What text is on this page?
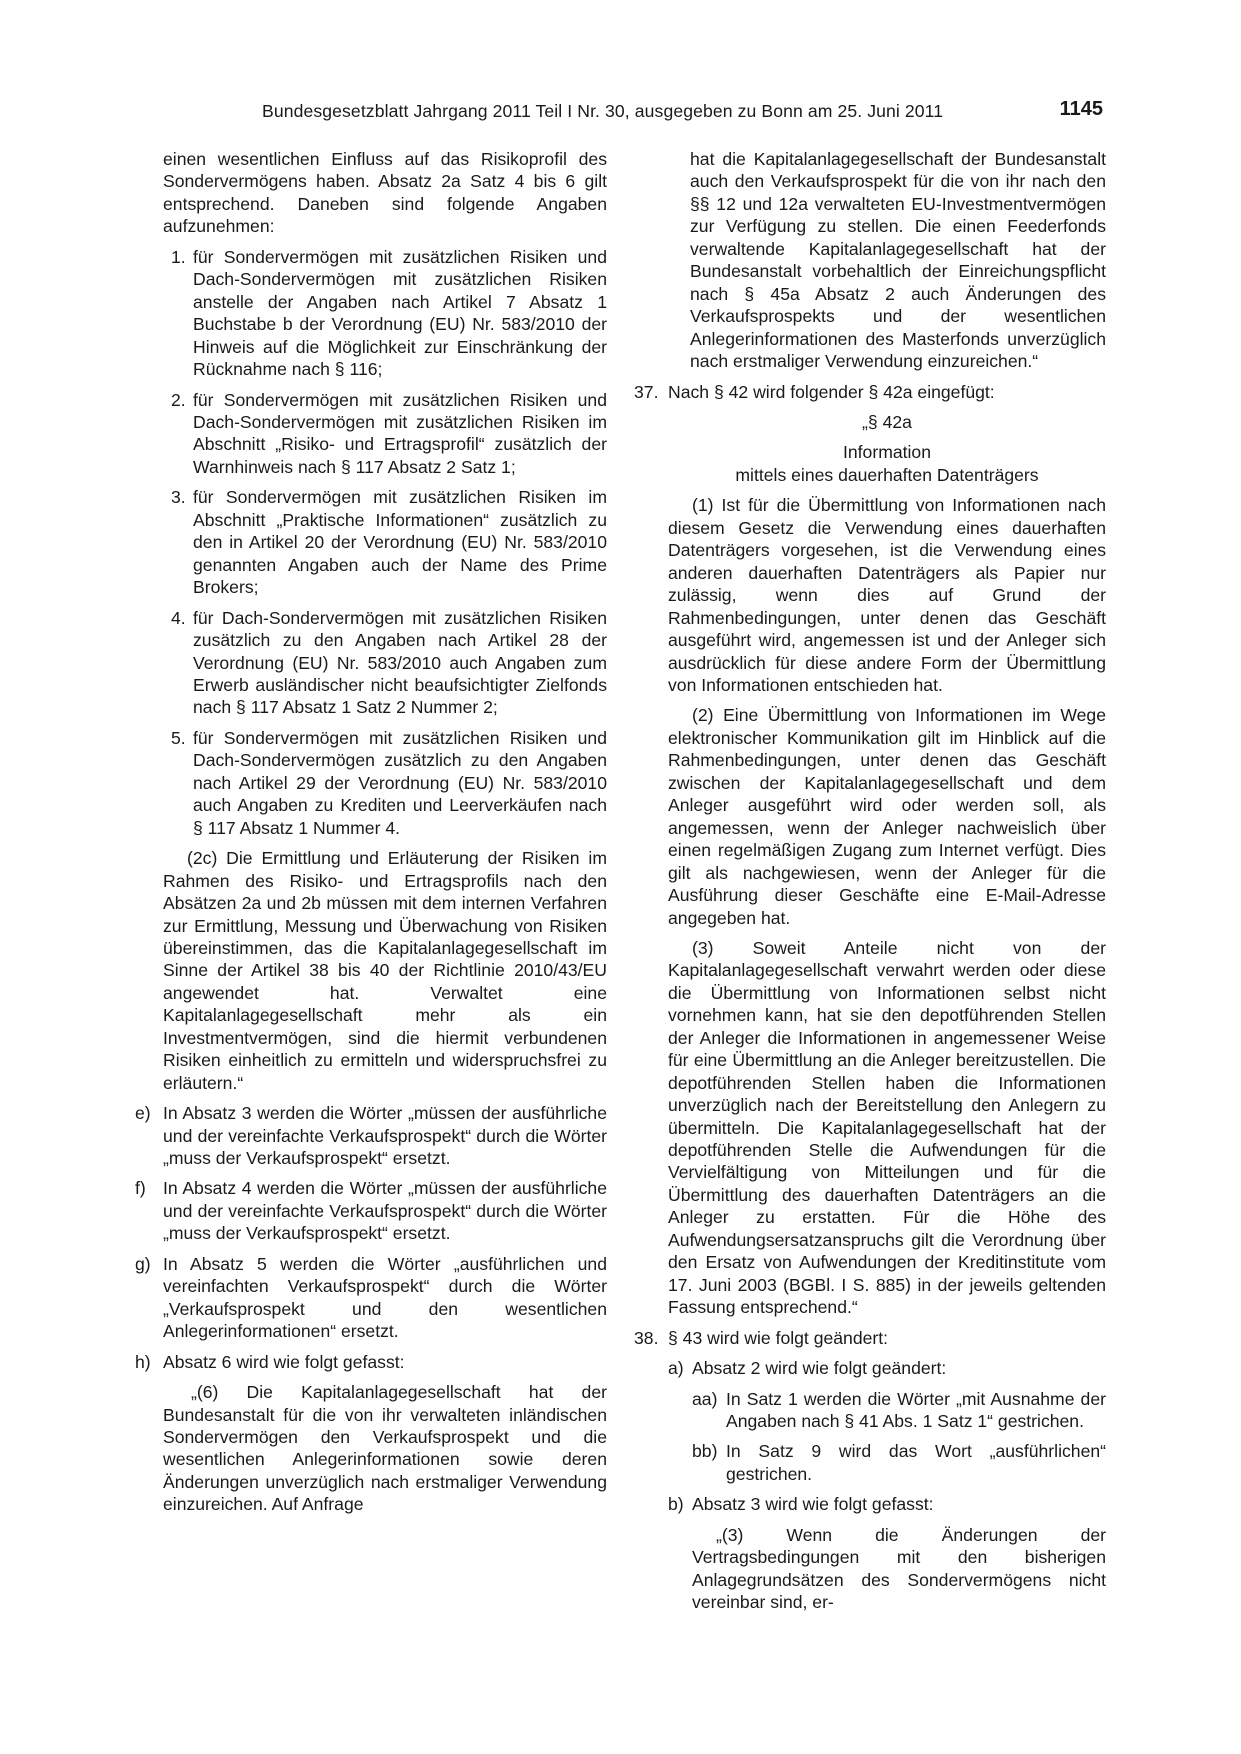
Bundesgesetzblatt Jahrgang 2011 Teil I Nr. 30, ausgegeben zu Bonn am 25. Juni 2011	1145

einen wesentlichen Einfluss auf das Risikoprofil des Sondervermögens haben. Absatz 2a Satz 4 bis 6 gilt entsprechend. Daneben sind folgende Angaben aufzunehmen:

1. für Sondervermögen mit zusätzlichen Risiken und Dach-Sondervermögen mit zusätzlichen Risiken anstelle der Angaben nach Artikel 7 Absatz 1 Buchstabe b der Verordnung (EU) Nr. 583/2010 der Hinweis auf die Möglichkeit zur Einschränkung der Rücknahme nach § 116;
2. für Sondervermögen mit zusätzlichen Risiken und Dach-Sondervermögen mit zusätzlichen Risiken im Abschnitt „Risiko- und Ertragsprofil“ zusätzlich der Warnhinweis nach § 117 Absatz 2 Satz 1;
3. für Sondervermögen mit zusätzlichen Risiken im Abschnitt „Praktische Informationen“ zusätzlich zu den in Artikel 20 der Verordnung (EU) Nr. 583/2010 genannten Angaben auch der Name des Prime Brokers;
4. für Dach-Sondervermögen mit zusätzlichen Risiken zusätzlich zu den Angaben nach Artikel 28 der Verordnung (EU) Nr. 583/2010 auch Angaben zum Erwerb ausländischer nicht beaufsichtigter Zielfonds nach § 117 Absatz 1 Satz 2 Nummer 2;
5. für Sondervermögen mit zusätzlichen Risiken und Dach-Sondervermögen zusätzlich zu den Angaben nach Artikel 29 der Verordnung (EU) Nr. 583/2010 auch Angaben zu Krediten und Leerverkäufen nach § 117 Absatz 1 Nummer 4.

(2c) Die Ermittlung und Erläuterung der Risiken im Rahmen des Risiko- und Ertragsprofils nach den Absätzen 2a und 2b müssen mit dem internen Verfahren zur Ermittlung, Messung und Überwachung von Risiken übereinstimmen, das die Kapitalanlagegesellschaft im Sinne der Artikel 38 bis 40 der Richtlinie 2010/43/EU angewendet hat. Verwaltet eine Kapitalanlagegesellschaft mehr als ein Investmentvermögen, sind die hiermit verbundenen Risiken einheitlich zu ermitteln und widerspruchsfrei zu erläutern.“

e) In Absatz 3 werden die Wörter „müssen der ausführliche und der vereinfachte Verkaufsprospekt“ durch die Wörter „muss der Verkaufsprospekt“ ersetzt.
f) In Absatz 4 werden die Wörter „müssen der ausführliche und der vereinfachte Verkaufsprospekt“ durch die Wörter „muss der Verkaufsprospekt“ ersetzt.
g) In Absatz 5 werden die Wörter „ausführlichen und vereinfachten Verkaufsprospekt“ durch die Wörter „Verkaufsprospekt und den wesentlichen Anlegerinformationen“ ersetzt.
h) Absatz 6 wird wie folgt gefasst:

„(6) Die Kapitalanlagegesellschaft hat der Bundesanstalt für die von ihr verwalteten inländischen Sondervermögen den Verkaufsprospekt und die wesentlichen Anlegerinformationen sowie deren Änderungen unverzüglich nach erstmaliger Verwendung einzureichen. Auf Anfrage

hat die Kapitalanlagegesellschaft der Bundesanstalt auch den Verkaufsprospekt für die von ihr nach den §§ 12 und 12a verwalteten EU-Investmentvermögen zur Verfügung zu stellen. Die einen Feederfonds verwaltende Kapitalanlagegesellschaft hat der Bundesanstalt vorbehaltlich der Einreichungspflicht nach § 45a Absatz 2 auch Änderungen des Verkaufsprospekts und der wesentlichen Anlegerinformationen des Masterfonds unverzüglich nach erstmaliger Verwendung einzureichen.“

37. Nach § 42 wird folgender § 42a eingefügt:

„§ 42a

Information

mittels eines dauerhaften Datenträgers

(1) Ist für die Übermittlung von Informationen nach diesem Gesetz die Verwendung eines dauerhaften Datenträgers vorgesehen, ist die Verwendung eines anderen dauerhaften Datenträgers als Papier nur zulässig, wenn dies auf Grund der Rahmenbedingungen, unter denen das Geschäft ausgeführt wird, angemessen ist und der Anleger sich ausdrücklich für diese andere Form der Übermittlung von Informationen entschieden hat.

(2) Eine Übermittlung von Informationen im Wege elektronischer Kommunikation gilt im Hinblick auf die Rahmenbedingungen, unter denen das Geschäft zwischen der Kapitalanlagegesellschaft und dem Anleger ausgeführt wird oder werden soll, als angemessen, wenn der Anleger nachweislich über einen regelmäßigen Zugang zum Internet verfügt. Dies gilt als nachgewiesen, wenn der Anleger für die Ausführung dieser Geschäfte eine E-Mail-Adresse angegeben hat.

(3) Soweit Anteile nicht von der Kapitalanlagegesellschaft verwahrt werden oder diese die Übermittlung von Informationen selbst nicht vornehmen kann, hat sie den depotführenden Stellen der Anleger die Informationen in angemessener Weise für eine Übermittlung an die Anleger bereitzustellen. Die depotführenden Stellen haben die Informationen unverzüglich nach der Bereitstellung den Anlegern zu übermitteln. Die Kapitalanlagegesellschaft hat der depotführenden Stelle die Aufwendungen für die Vervielfältigung von Mitteilungen und für die Übermittlung des dauerhaften Datenträgers an die Anleger zu erstatten. Für die Höhe des Aufwendungsersatzanspruchs gilt die Verordnung über den Ersatz von Aufwendungen der Kreditinstitute vom 17. Juni 2003 (BGBl. I S. 885) in der jeweils geltenden Fassung entsprechend.“

38. § 43 wird wie folgt geändert:
a) Absatz 2 wird wie folgt geändert:
aa) In Satz 1 werden die Wörter „mit Ausnahme der Angaben nach § 41 Abs. 1 Satz 1“ gestrichen.
bb) In Satz 9 wird das Wort „ausführlichen“ gestrichen.
b) Absatz 3 wird wie folgt gefasst:

„(3) Wenn die Änderungen der Vertragsbedingungen mit den bisherigen Anlagegrundsätzen des Sondervermögens nicht vereinbar sind, er-
